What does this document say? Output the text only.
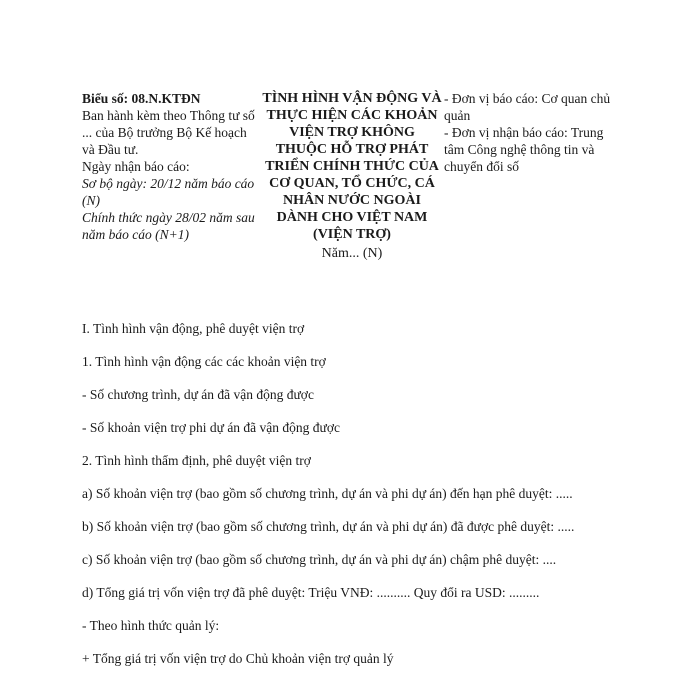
Biểu số: 08.N.KTĐN
Ban hành kèm theo Thông tư số ... của Bộ trưởng Bộ Kế hoạch và Đầu tư.
Ngày nhận báo cáo:
Sơ bộ ngày: 20/12 năm báo cáo (N)
Chính thức ngày 28/02 năm sau năm báo cáo (N+1)
TÌNH HÌNH VẬN ĐỘNG VÀ THỰC HIỆN CÁC KHOẢN VIỆN TRỢ KHÔNG THUỘC HỖ TRỢ PHÁT TRIỂN CHÍNH THỨC CỦA CƠ QUAN, TỔ CHỨC, CÁ NHÂN NƯỚC NGOÀI DÀNH CHO VIỆT NAM (VIỆN TRỢ)
Năm... (N)
- Đơn vị báo cáo: Cơ quan chủ quản
- Đơn vị nhận báo cáo: Trung tâm Công nghệ thông tin và chuyển đổi số

I. Tình hình vận động, phê duyệt viện trợ

1. Tình hình vận động các các khoản viện trợ

- Số chương trình, dự án đã vận động được

- Số khoản viện trợ phi dự án đã vận động được

2. Tình hình thẩm định, phê duyệt viện trợ

a) Số khoản viện trợ (bao gồm số chương trình, dự án và phi dự án) đến hạn phê duyệt: .....

b) Số khoản viện trợ (bao gồm số chương trình, dự án và phi dự án) đã được phê duyệt: .....

c) Số khoản viện trợ (bao gồm số chương trình, dự án và phi dự án) chậm phê duyệt: ....

d) Tổng giá trị vốn viện trợ đã phê duyệt: Triệu VNĐ: .......... Quy đổi ra USD: .........

- Theo hình thức quản lý:

+ Tổng giá trị vốn viện trợ do Chủ khoản viện trợ quản lý
